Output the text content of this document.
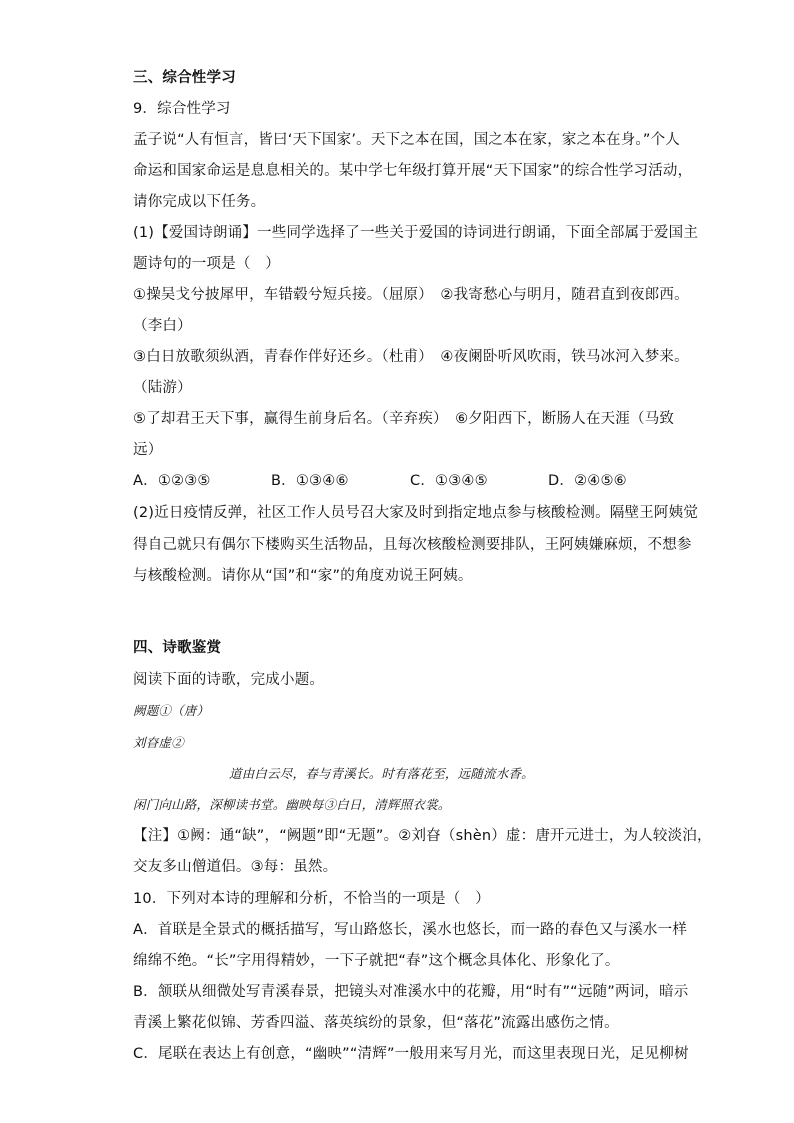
三、综合性学习
9．综合性学习
孟子说“人有恒言，皆曰‘天下国家’。天下之本在国，国之本在家，家之本在身。”个人
命运和国家命运是息息相关的。某中学七年级打算开展“天下国家”的综合性学习活动，
请你完成以下任务。
(1)【爱国诗朗诵】一些同学选择了一些关于爱国的诗词进行朗诵，下面全部属于爱国主
题诗句的一项是（　）
①操吴戈兮披犀甲，车错毂兮短兵接。（屈原）　②我寄愁心与明月，随君直到夜郎西。
（李白）
③白日放歌须纵酒，青春作伴好还乡。（杜甫）　④夜阑卧听风吹雨，铁马冰河入梦来。
（陆游）
⑤了却君王天下事，赢得生前身后名。（辛弃疾）　⑥夕阳西下，断肠人在天涯（马致
远）
A．①②③⑤	B．①③④⑥	C．①③④⑤	D．②④⑤⑥
(2)近日疫情反弹，社区工作人员号召大家及时到指定地点参与核酸检测。隔壁王阿姨觉
得自己就只有偶尔下楼购买生活物品，且每次核酸检测要排队，王阿姨嫌麻烦，不想参
与核酸检测。请你从“国”和“家”的角度劝说王阿姨。
四、诗歌鉴赏
阅读下面的诗歌，完成小题。
阙题①（唐）
刘昚虚②
道由白云尽，春与青溪长。时有落花至，远随流水香。
闲门向山路，深柳读书堂。幽映每③白日，清辉照衣裳。
【注】①阙：通“缺”，“阙题”即“无题”。②刘昚（shèn）虚：唐开元进士，为人较淡泊，
交友多山僧道侣。③每：虽然。
10．下列对本诗的理解和分析，不恰当的一项是（　）
A．首联是全景式的概括描写，写山路悠长，溪水也悠长，而一路的春色又与溪水一样
绵绵不绝。“长”字用得精妙，一下子就把“春”这个概念具体化、形象化了。
B．颔联从细微处写青溪春景，把镜头对准溪水中的花瓣，用“时有”“远随”两词，暗示
青溪上繁花似锦、芳香四溢、落英缤纷的景象，但“落花”流露出感伤之情。
C．尾联在表达上有创意，“幽映”“清辉”一般用来写月光，而这里表现日光，足见柳树
